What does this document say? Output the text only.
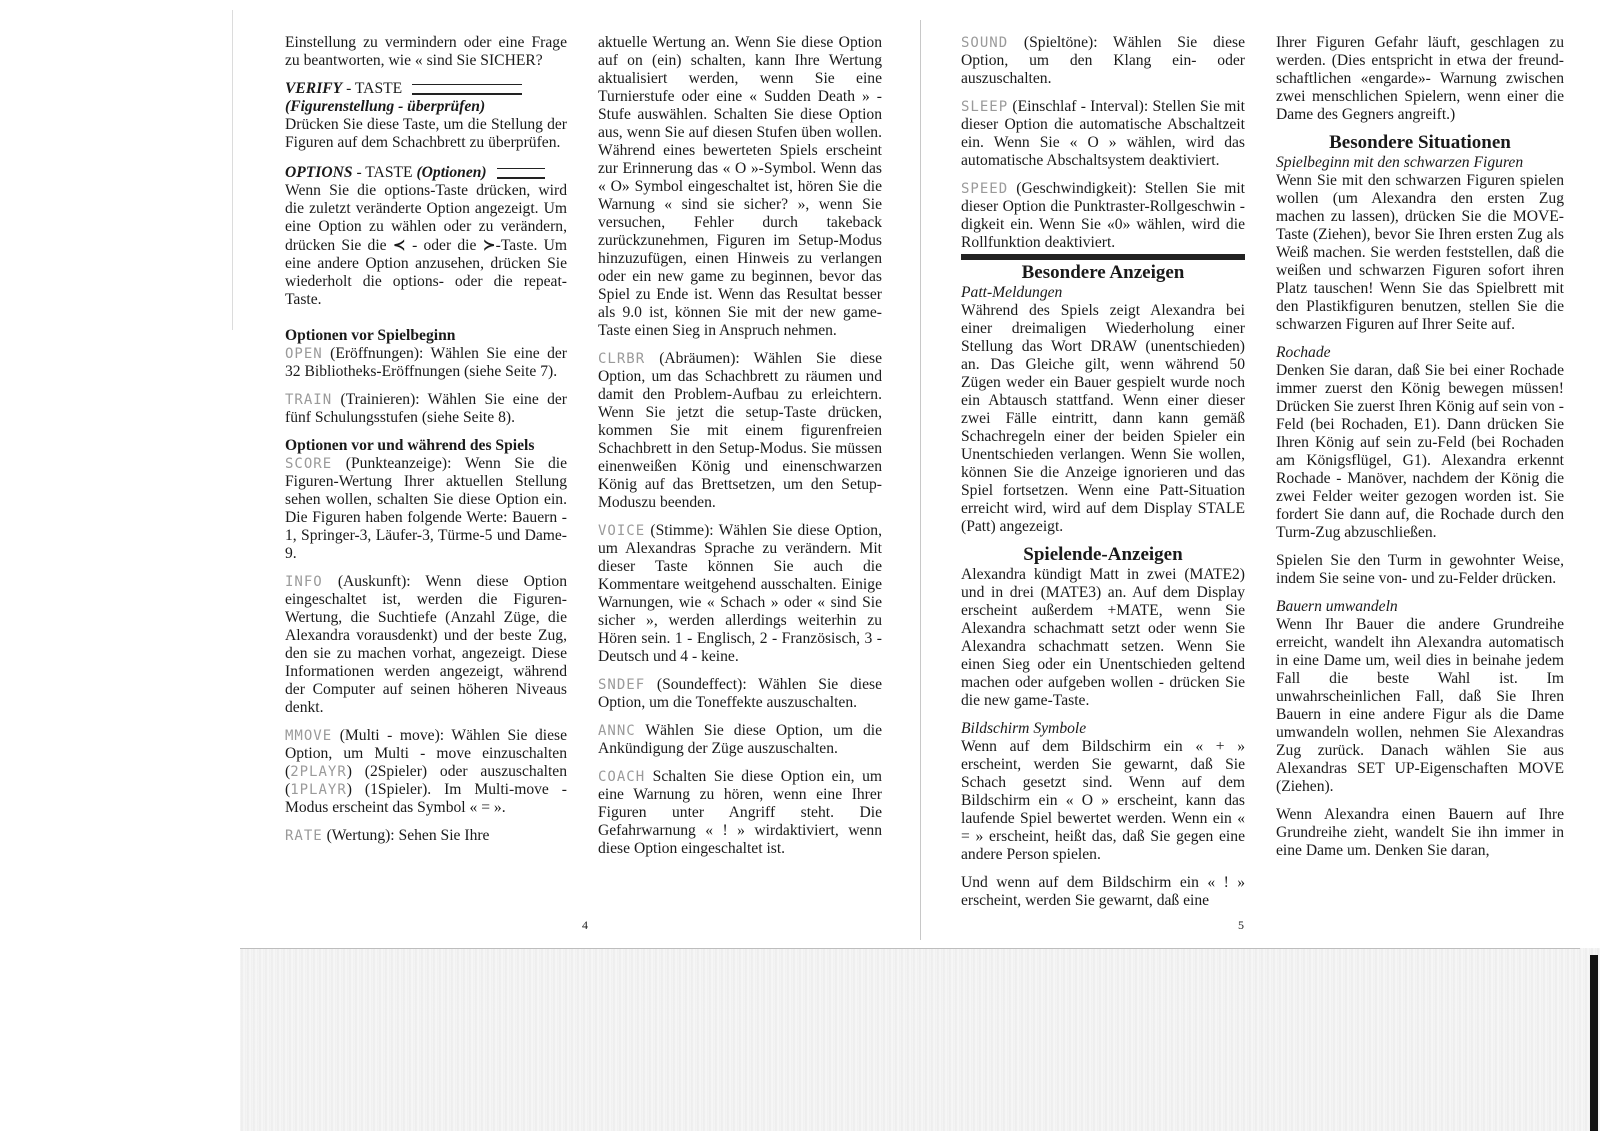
Einstellung zu vermindern oder eine Frage zu beantworten, wie « sind Sie SICHER?

VERIFY - TASTE
(Figurenstellung - überprüfen)
Drücken Sie diese Taste, um die Stellung der Figuren auf dem Schachbrett zu überprüfen.
OPTIONS - TASTE (Optionen)
Wenn Sie die options-Taste drücken, wird die zuletzt veränderte Option angezeigt. Um eine Option zu wählen oder zu verändern, drücken Sie die ≺ - oder die ≻-Taste. Um eine andere Option anzusehen, drücken Sie wiederholt die options- oder die repeat-Taste.
Optionen vor Spielbeginn

OPEN (Eröffnungen): Wählen Sie eine der 32 Bibliotheks-Eröffnungen (siehe Seite 7).

TRAIN (Trainieren): Wählen Sie eine der fünf Schulungsstufen (siehe Seite 8).

Optionen vor und während des Spiels

SCORE (Punkteanzeige): Wenn Sie die Figuren-Wertung Ihrer aktuellen Stellung sehen wollen, schalten Sie diese Option ein. Die Figuren haben folgende Werte: Bauern - 1, Springer-3, Läufer-3, Türme-5 und Dame-9.

INFO (Auskunft): Wenn diese Option eingeschaltet ist, werden die Figuren- Wertung, die Suchtiefe (Anzahl Züge, die Alexandra vorausdenkt) und der beste Zug, den sie zu machen vorhat, angezeigt. Diese Informationen werden angezeigt, während der Computer auf seinen höheren Niveaus denkt.

MMOVE (Multi - move): Wählen Sie diese Option, um Multi - move einzuschalten (2PLAYR) (2Spieler) oder auszuschalten (1PLAYR) (1Spieler). Im Multi-move - Modus erscheint das Symbol « = ».

RATE (Wertung): Sehen Sie Ihre

aktuelle Wertung an. Wenn Sie diese Option auf on (ein) schalten, kann Ihre Wertung aktualisiert werden, wenn Sie eine Turnierstufe oder eine « Sudden Death » - Stufe auswählen. Schalten Sie diese Option aus, wenn Sie auf diesen Stufen üben wollen. Während eines bewerteten Spiels erscheint zur Erinnerung das « O »-Symbol. Wenn das « O» Symbol eingeschaltet ist, hören Sie die Warnung « sind sie sicher? », wenn Sie versuchen, Fehler durch takeback zurückzunehmen, Figuren im Setup-Modus hinzuzufügen, einen Hinweis zu verlangen oder ein new game zu beginnen, bevor das Spiel zu Ende ist. Wenn das Resultat besser als 9.0 ist, können Sie mit der new game-Taste einen Sieg in Anspruch nehmen.

CLRBR (Abräumen): Wählen Sie diese Option, um das Schachbrett zu räumen und damit den Problem-Aufbau zu erleichtern. Wenn Sie jetzt die setup-Taste drücken, kommen Sie mit einem figurenfreien Schachbrett in den Setup-Modus. Sie müssen einenweißen König und einenschwarzen König auf das Brettsetzen, um den Setup-Moduszu beenden.

VOICE (Stimme): Wählen Sie diese Option, um Alexandras Sprache zu verändern. Mit dieser Taste können Sie auch die Kommentare weitgehend ausschalten. Einige Warnungen, wie « Schach » oder « sind Sie sicher », werden allerdings weiterhin zu Hören sein. 1 - Englisch, 2 - Französisch, 3 - Deutsch und 4 - keine.

SNDEF (Soundeffect): Wählen Sie diese Option, um die Toneffekte auszuschalten.

ANNC Wählen Sie diese Option, um die Ankündigung der Züge auszuschalten.

COACH Schalten Sie diese Option ein, um eine Warnung zu hören, wenn eine Ihrer Figuren unter Angriff steht. Die Gefahrwarnung « ! » wirdaktiviert, wenn diese Option eingeschaltet ist.

4

SOUND (Spieltöne): Wählen Sie diese Option, um den Klang ein- oder auszuschalten.

SLEEP (Einschlaf - Interval): Stellen Sie mit dieser Option die automatische Abschaltzeit ein. Wenn Sie « O » wählen, wird das automatische Abschaltsystem deaktiviert.

SPEED (Geschwindigkeit): Stellen Sie mit dieser Option die Punktraster-Rollgeschwin - digkeit ein. Wenn Sie «0» wählen, wird die Rollfunktion deaktiviert.

Besondere Anzeigen
Patt-Meldungen

Während des Spiels zeigt Alexandra bei einer dreimaligen Wiederholung einer Stellung das Wort DRAW (unentschieden) an. Das Gleiche gilt, wenn während 50 Zügen weder ein Bauer gespielt wurde noch ein Abtausch stattfand. Wenn einer dieser zwei Fälle eintritt, dann kann gemäß Schachregeln einer der beiden Spieler ein Unentschieden verlangen. Wenn Sie wollen, können Sie die Anzeige ignorieren und das Spiel fortsetzen. Wenn eine Patt-Situation erreicht wird, wird auf dem Display STALE (Patt) angezeigt.

Spielende-Anzeigen

Alexandra kündigt Matt in zwei (MATE2) und in drei (MATE3) an. Auf dem Display erscheint außerdem +MATE, wenn Sie Alexandra schachmatt setzt oder wenn Sie Alexandra schachmatt setzen. Wenn Sie einen Sieg oder ein Unentschieden geltend machen oder aufgeben wollen - drücken Sie die new game-Taste.

Bildschirm Symbole

Wenn auf dem Bildschirm ein « + » erscheint, werden Sie gewarnt, daß Sie Schach gesetzt sind. Wenn auf dem Bildschirm ein « O » erscheint, kann das laufende Spiel bewertet werden. Wenn ein « = » erscheint, heißt das, daß Sie gegen eine andere Person spielen.

Und wenn auf dem Bildschirm ein « ! » erscheint, werden Sie gewarnt, daß eine

Ihrer Figuren Gefahr läuft, geschlagen zu werden. (Dies entspricht in etwa der freund-schaftlichen «engarde»- Warnung zwischen zwei menschlichen Spielern, wenn einer die Dame des Gegners angreift.)

Besondere Situationen
Spielbeginn mit den schwarzen Figuren

Wenn Sie mit den schwarzen Figuren spielen wollen (um Alexandra den ersten Zug machen zu lassen), drücken Sie die MOVE- Taste (Ziehen), bevor Sie Ihren ersten Zug als Weiß machen. Sie werden feststellen, daß die weißen und schwarzen Figuren sofort ihren Platz tauschen! Wenn Sie das Spielbrett mit den Plastikfiguren benutzen, stellen Sie die schwarzen Figuren auf Ihrer Seite auf.

Rochade

Denken Sie daran, daß Sie bei einer Rochade immer zuerst den König bewegen müssen! Drücken Sie zuerst Ihren König auf sein von - Feld (bei Rochaden, E1). Dann drücken Sie Ihren König auf sein zu-Feld (bei Rochaden am Königsflügel, G1). Alexandra erkennt Rochade - Manöver, nachdem der König die zwei Felder weiter gezogen worden ist. Sie fordert Sie dann auf, die Rochade durch den Turm-Zug abzuschließen.

Spielen Sie den Turm in gewohnter Weise, indem Sie seine von- und zu-Felder drücken.

Bauern umwandeln

Wenn Ihr Bauer die andere Grundreihe erreicht, wandelt ihn Alexandra automatisch in eine Dame um, weil dies in beinahe jedem Fall die beste Wahl ist. Im unwahrscheinlichen Fall, daß Sie Ihren Bauern in eine andere Figur als die Dame umwandeln wollen, nehmen Sie Alexandras Zug zurück. Danach wählen Sie aus Alexandras SET UP-Eigenschaften MOVE (Ziehen).

Wenn Alexandra einen Bauern auf Ihre Grundreihe zieht, wandelt Sie ihn immer in eine Dame um. Denken Sie daran,

5
